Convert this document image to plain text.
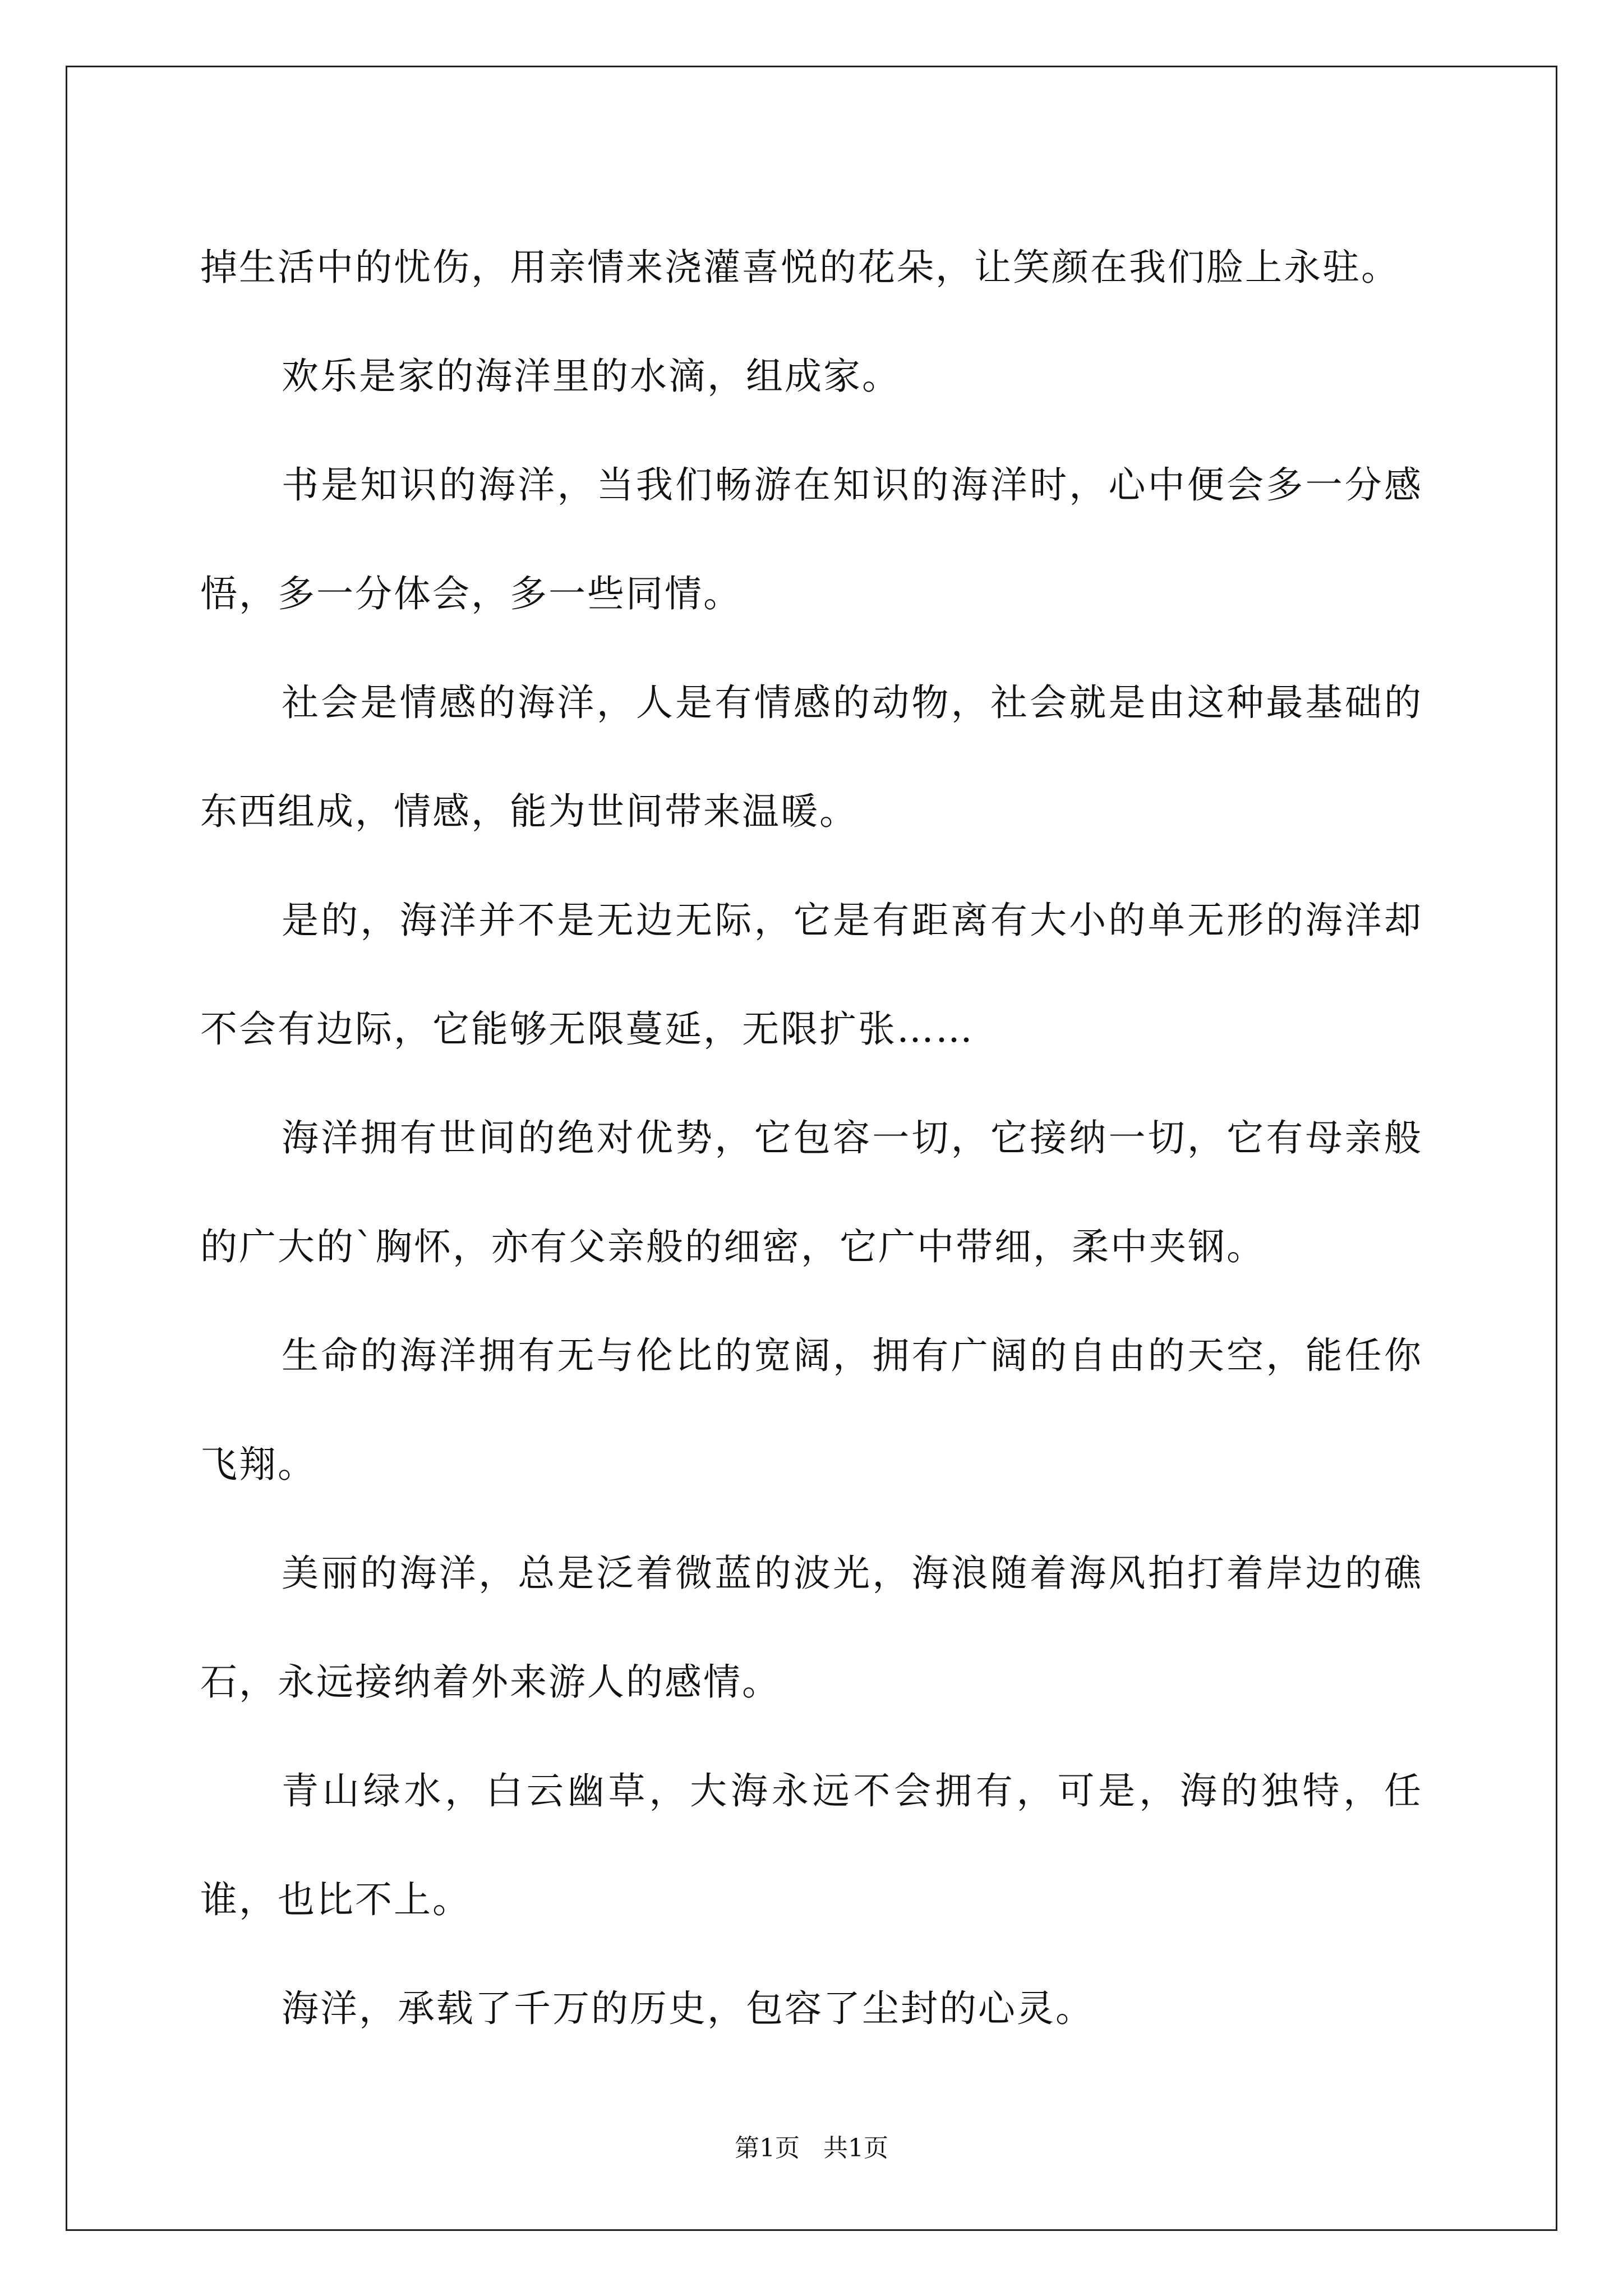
掉生活中的忧伤，用亲情来浇灌喜悦的花朵，让笑颜在我们脸上永驻。

欢乐是家的海洋里的水滴，组成家。

书是知识的海洋，当我们畅游在知识的海洋时，心中便会多一分感悟，多一分体会，多一些同情。

社会是情感的海洋，人是有情感的动物，社会就是由这种最基础的东西组成，情感，能为世间带来温暖。

是的，海洋并不是无边无际，它是有距离有大小的单无形的海洋却不会有边际，它能够无限蔓延，无限扩张……

海洋拥有世间的绝对优势，它包容一切，它接纳一切，它有母亲般的广大的`胸怀，亦有父亲般的细密，它广中带细，柔中夹钢。

生命的海洋拥有无与伦比的宽阔，拥有广阔的自由的天空，能任你飞翔。

美丽的海洋，总是泛着微蓝的波光，海浪随着海风拍打着岸边的礁石，永远接纳着外来游人的感情。

青山绿水，白云幽草，大海永远不会拥有，可是，海的独特，任谁，也比不上。

海洋，承载了千万的历史，包容了尘封的心灵。

第1页 共1页
